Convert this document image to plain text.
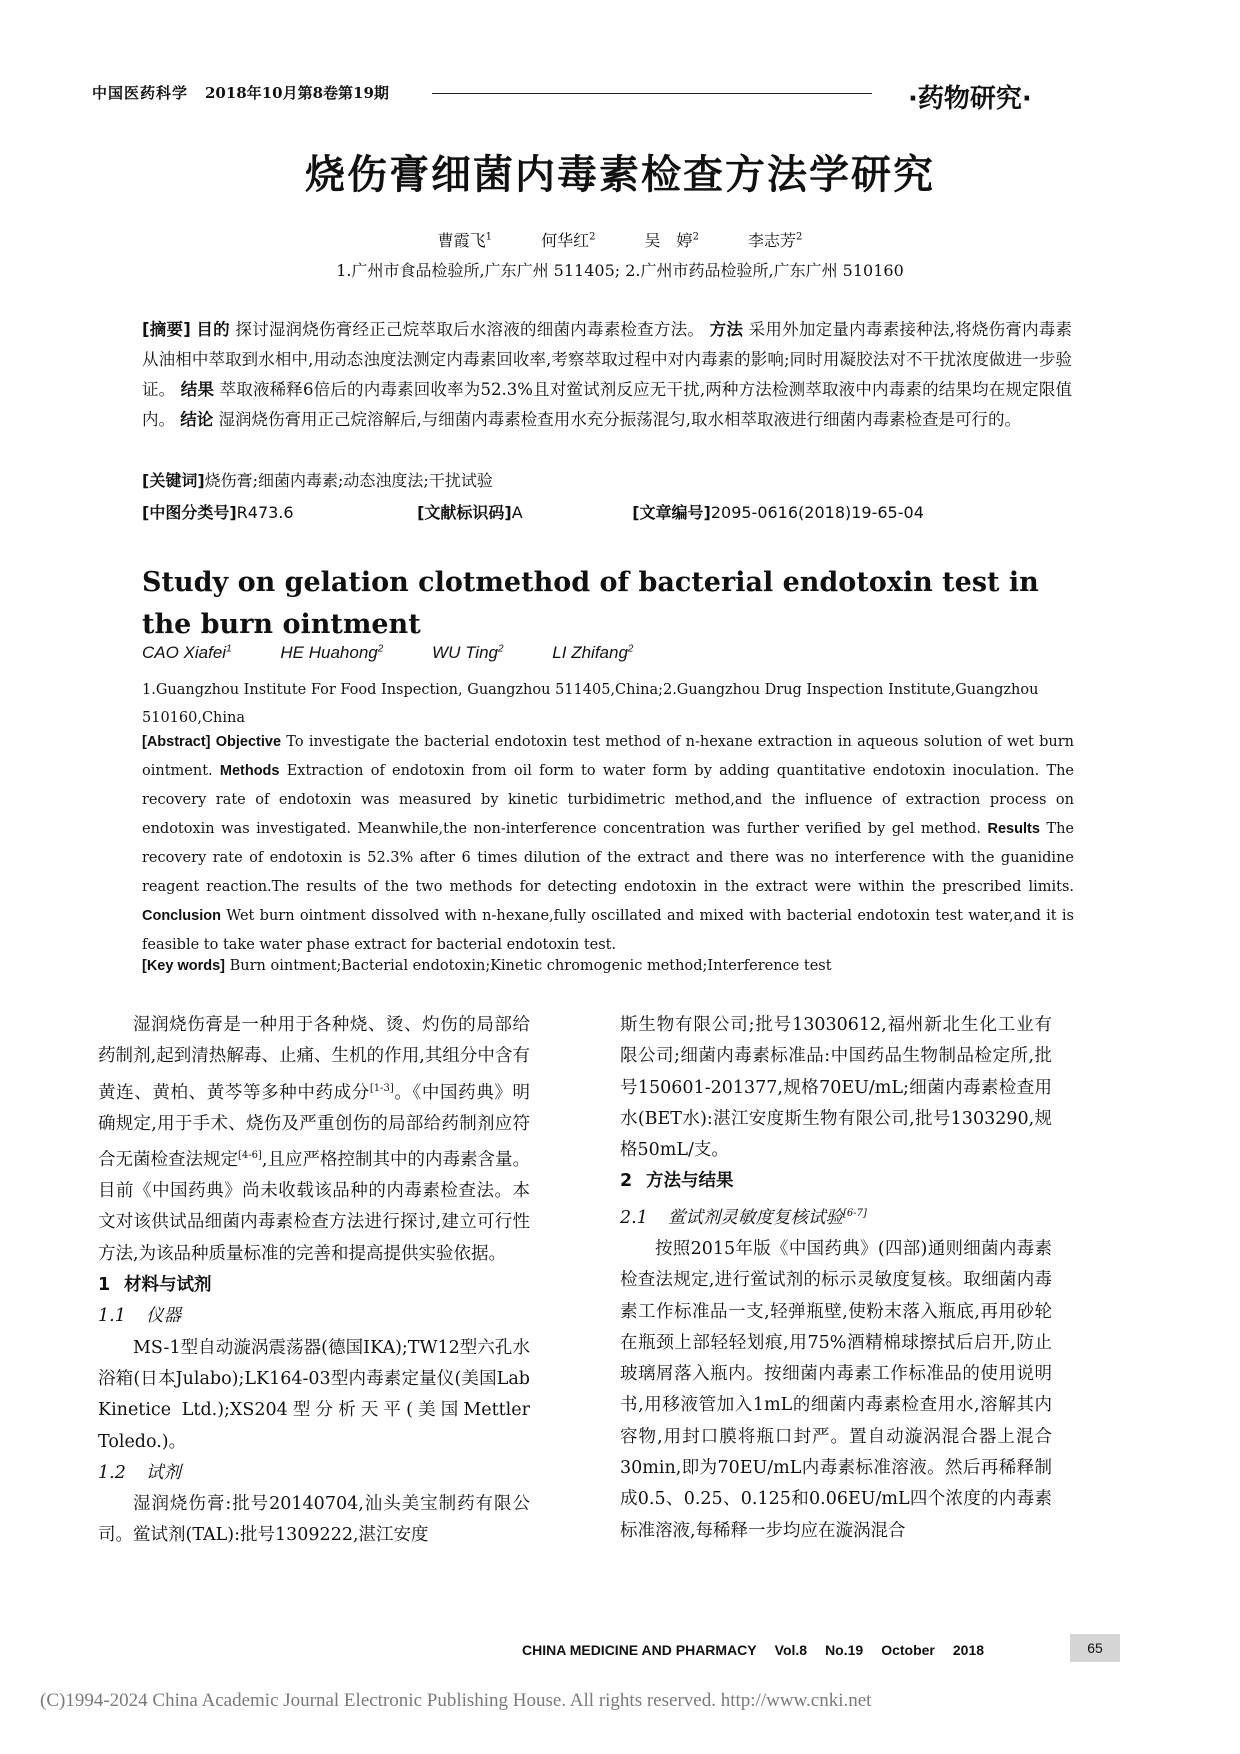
中国医药科学 2018年10月第8卷第19期	·药物研究·
烧伤膏细菌内毒素检查方法学研究
曹霞飞$^1$	何华红$^2$	吴　婷$^2$	李志芳$^2$
1.广州市食品检验所,广东广州 511405; 2.广州市药品检验所,广东广州 510160
[摘要] 目的 探讨湿润烧伤膏经正己烷萃取后水溶液的细菌内毒素检查方法。 方法 采用外加定量内毒素接种法,将烧伤膏内毒素从油相中萃取到水相中,用动态浊度法测定内毒素回收率,考察萃取过程中对内毒素的影响;同时用凝胶法对不干扰浓度做进一步验证。 结果 萃取液稀释6倍后的内毒素回收率为52.3%且对鲎试剂反应无干扰,两种方法检测萃取液中内毒素的结果均在规定限值内。 结论 湿润烧伤膏用正己烷溶解后,与细菌内毒素检查用水充分振荡混匀,取水相萃取液进行细菌内毒素检查是可行的。
[关键词]烧伤膏;细菌内毒素;动态浊度法;干扰试验
[中图分类号]R473.6	[文献标识码]A	[文章编号]2095-0616(2018)19-65-04
Study on gelation clotmethod of bacterial endotoxin test in the burn ointment
CAO Xiafei$^1$	HE Huahong$^2$	WU Ting$^2$	LI Zhifang$^2$
1.Guangzhou Institute For Food Inspection, Guangzhou 511405,China;2.Guangzhou Drug Inspection Institute,Guangzhou 510160,China
[Abstract] Objective To investigate the bacterial endotoxin test method of n-hexane extraction in aqueous solution of wet burn ointment. Methods Extraction of endotoxin from oil form to water form by adding quantitative endotoxin inoculation. The recovery rate of endotoxin was measured by kinetic turbidimetric method,and the influence of extraction process on endotoxin was investigated. Meanwhile,the non-interference concentration was further verified by gel method. Results The recovery rate of endotoxin is 52.3% after 6 times dilution of the extract and there was no interference with the guanidine reagent reaction.The results of the two methods for detecting endotoxin in the extract were within the prescribed limits. Conclusion Wet burn ointment dissolved with n-hexane,fully oscillated and mixed with bacterial endotoxin test water,and it is feasible to take water phase extract for bacterial endotoxin test.
[Key words] Burn ointment;Bacterial endotoxin;Kinetic chromogenic method;Interference test

湿润烧伤膏是一种用于各种烧、烫、灼伤的局部给药制剂,起到清热解毒、止痛、生机的作用,其组分中含有黄连、黄柏、黄芩等多种中药成分[1-3]。《中国药典》明确规定,用于手术、烧伤及严重创伤的局部给药制剂应符合无菌检查法规定[4-6],且应严格控制其中的内毒素含量。目前《中国药典》尚未收载该品种的内毒素检查法。本文对该供试品细菌内毒素检查方法进行探讨,建立可行性方法,为该品种质量标准的完善和提高提供实验依据。

1 材料与试剂

1.1 仪器

MS-1型自动漩涡震荡器(德国IKA);TW12型六孔水浴箱(日本Julabo);LK164-03型内毒素定量仪(美国Lab Kinetice Ltd.);XS204型分析天平(美国Mettler Toledo.)。

1.2 试剂

湿润烧伤膏:批号20140704,汕头美宝制药有限公司。鲎试剂(TAL):批号1309222,湛江安度

斯生物有限公司;批号13030612,福州新北生化工业有限公司;细菌内毒素标准品:中国药品生物制品检定所,批号150601-201377,规格70EU/mL;细菌内毒素检查用水(BET水):湛江安度斯生物有限公司,批号1303290,规格50mL/支。

2 方法与结果

2.1 鲎试剂灵敏度复核试验[6-7]

按照2015年版《中国药典》(四部)通则细菌内毒素检查法规定,进行鲎试剂的标示灵敏度复核。取细菌内毒素工作标准品一支,轻弹瓶壁,使粉末落入瓶底,再用砂轮在瓶颈上部轻轻划痕,用75%酒精棉球擦拭后启开,防止玻璃屑落入瓶内。按细菌内毒素工作标准品的使用说明书,用移液管加入1mL的细菌内毒素检查用水,溶解其内容物,用封口膜将瓶口封严。置自动漩涡混合器上混合30min,即为70EU/mL内毒素标准溶液。然后再稀释制成0.5、0.25、0.125和0.06EU/mL四个浓度的内毒素标准溶液,每稀释一步均应在漩涡混合

CHINA MEDICINE AND PHARMACY Vol.8 No.19 October 2018	65
(C)1994-2024 China Academic Journal Electronic Publishing House. All rights reserved. http://www.cnki.net
